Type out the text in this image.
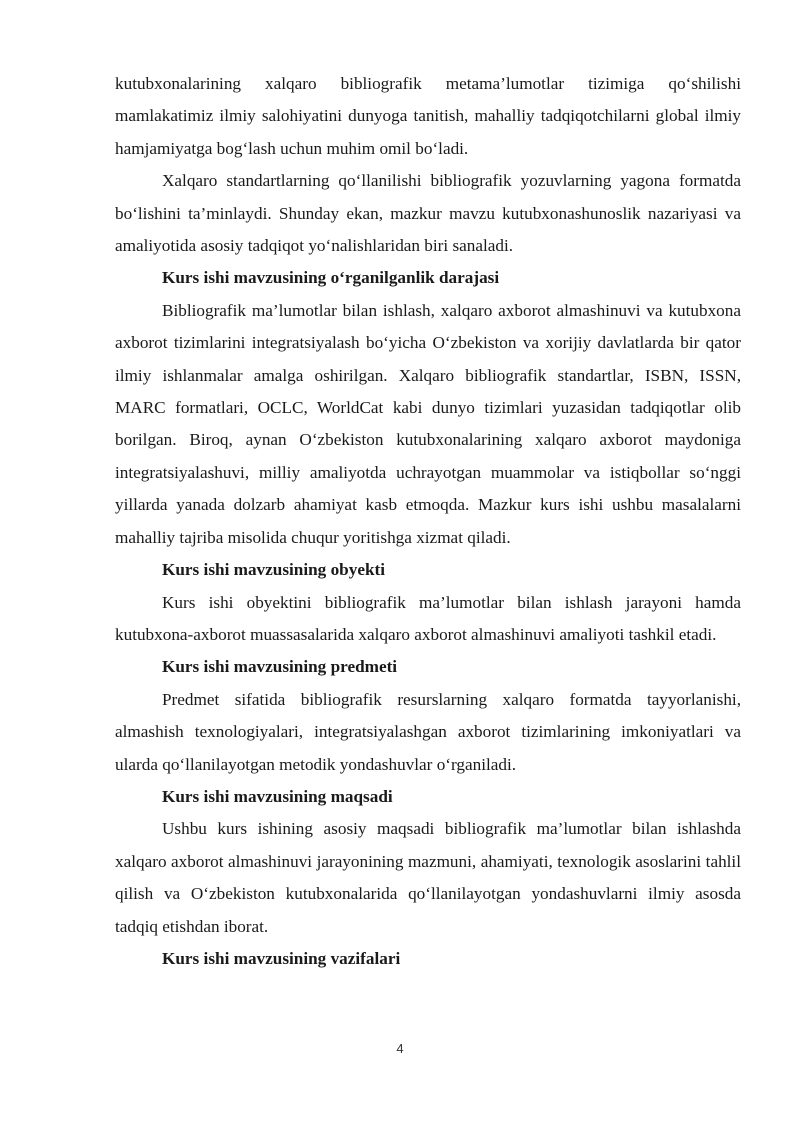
kutubxonalarining xalqaro bibliografik metama’lumotlar tizimiga qo‘shilishi mamlakatimiz ilmiy salohiyatini dunyoga tanitish, mahalliy tadqiqotchilarni global ilmiy hamjamiyatga bog‘lash uchun muhim omil bo‘ladi.

Xalqaro standartlarning qo‘llanilishi bibliografik yozuvlarning yagona formatda bo‘lishini ta’minlaydi. Shunday ekan, mazkur mavzu kutubxonashunoslik nazariyasi va amaliyotida asosiy tadqiqot yo‘nalishlaridan biri sanaladi.

Kurs ishi mavzusining o‘rganilganlik darajasi

Bibliografik ma’lumotlar bilan ishlash, xalqaro axborot almashinuvi va kutubxona axborot tizimlarini integratsiyalash bo‘yicha O‘zbekiston va xorijiy davlatlarda bir qator ilmiy ishlanmalar amalga oshirilgan. Xalqaro bibliografik standartlar, ISBN, ISSN, MARC formatlari, OCLC, WorldCat kabi dunyo tizimlari yuzasidan tadqiqotlar olib borilgan. Biroq, aynan O‘zbekiston kutubxonalarining xalqaro axborot maydoniga integratsiyalashuvi, milliy amaliyotda uchrayotgan muammolar va istiqbollar so‘nggi yillarda yanada dolzarb ahamiyat kasb etmoqda. Mazkur kurs ishi ushbu masalalarni mahalliy tajriba misolida chuqur yoritishga xizmat qiladi.

Kurs ishi mavzusining obyekti

Kurs ishi obyektini bibliografik ma’lumotlar bilan ishlash jarayoni hamda kutubxona-axborot muassasalarida xalqaro axborot almashinuvi amaliyoti tashkil etadi.

Kurs ishi mavzusining predmeti

Predmet sifatida bibliografik resurslarning xalqaro formatda tayyorlanishi, almashish texnologiyalari, integratsiyalashgan axborot tizimlarining imkoniyatlari va ularda qo‘llanilayotgan metodik yondashuvlar o‘rganiladi.

Kurs ishi mavzusining maqsadi

Ushbu kurs ishining asosiy maqsadi bibliografik ma’lumotlar bilan ishlashda xalqaro axborot almashinuvi jarayonining mazmuni, ahamiyati, texnologik asoslarini tahlil qilish va O‘zbekiston kutubxonalarida qo‘llanilayotgan yondashuvlarni ilmiy asosda tadqiq etishdan iborat.

Kurs ishi mavzusining vazifalari

4
